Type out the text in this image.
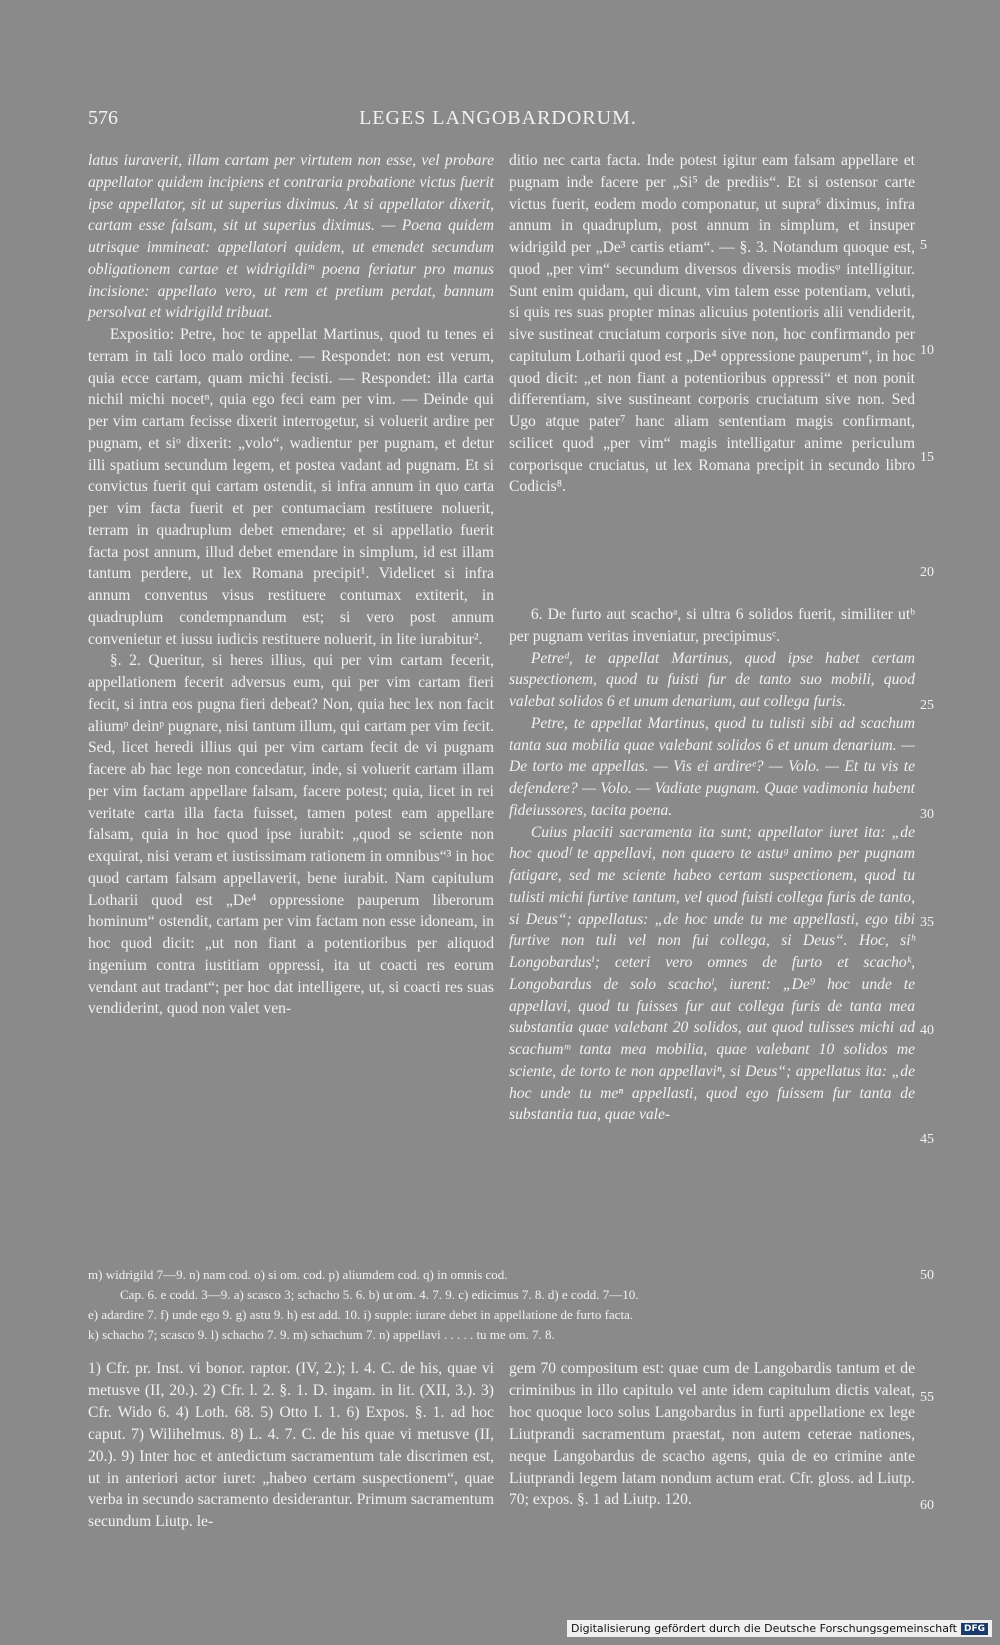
576	LEGES LANGOBARDORUM.

latus iuraverit, illam cartam per virtutem non esse, vel probare appellator quidem incipiens et contraria probatione victus fuerit ipse appellator, sit ut superius diximus. At si appellator dixerit, cartam esse falsam, sit ut superius diximus. — Poena quidem utrisque immineat: appellatori quidem, ut emendet secundum obligationem cartae et widrigildiᵐ poena feriatur pro manus incisione: appellato vero, ut rem et pretium perdat, bannum persolvat et widrigild tribuat.

Expositio: Petre, hoc te appellat Martinus, quod tu tenes ei terram in tali loco malo ordine. — Respondet: non est verum, quia ecce cartam, quam michi fecisti. — Respondet: illa carta nichil michi nocetⁿ, quia ego feci eam per vim. — Deinde qui per vim cartam fecisse dixerit interrogetur, si voluerit ardire per pugnam, et siᵒ dixerit: „volo“, wadientur per pugnam, et detur illi spatium secundum legem, et postea vadant ad pugnam. Et si convictus fuerit qui cartam ostendit, si infra annum in quo carta per vim facta fuerit et per contumaciam restituere noluerit, terram in quadruplum debet emendare; et si appellatio fuerit facta post annum, illud debet emendare in simplum, id est illam tantum perdere, ut lex Romana precipit¹. Videlicet si infra annum conventus visus restituere contumax extiterit, in quadruplum condempnandum est; si vero post annum convenietur et iussu iudicis restituere noluerit, in lite iurabitur².

§. 2. Queritur, si heres illius, qui per vim cartam fecerit, appellationem fecerit adversus eum, qui per vim cartam fieri fecit, si intra eos pugna fieri debeat? Non, quia hec lex non facit aliumᵖ deinᵖ pugnare, nisi tantum illum, qui cartam per vim fecit. Sed, licet heredi illius qui per vim cartam fecit de vi pugnam facere ab hac lege non concedatur, inde, si voluerit cartam illam per vim factam appellare falsam, facere potest; quia, licet in rei veritate carta illa facta fuisset, tamen potest eam appellare falsam, quia in hoc quod ipse iurabit: „quod se sciente non exquirat, nisi veram et iustissimam rationem in omnibus“³ in hoc quod cartam falsam appellaverit, bene iurabit. Nam capitulum Lotharii quod est „De⁴ oppressione pauperum liberorum hominum“ ostendit, cartam per vim factam non esse idoneam, in hoc quod dicit: „ut non fiant a potentioribus per aliquod ingenium contra iustitiam oppressi, ita ut coacti res eorum vendant aut tradant“; per hoc dat intelligere, ut, si coacti res suas vendiderint, quod non valet ven-

ditio nec carta facta. Inde potest igitur eam falsam appellare et pugnam inde facere per „Si⁵ de prediis“. Et si ostensor carte victus fuerit, eodem modo componatur, ut supra⁶ diximus, infra annum in quadruplum, post annum in simplum, et insuper widrigild per „De³ cartis etiam“. — §. 3. Notandum quoque est, quod „per vim“ secundum diversos diversis modisᵠ intelligitur. Sunt enim quidam, qui dicunt, vim talem esse potentiam, veluti, si quis res suas propter minas alicuius potentioris alii vendiderit, sive sustineat cruciatum corporis sive non, hoc confirmando per capitulum Lotharii quod est „De⁴ oppressione pauperum“, in hoc quod dicit: „et non fiant a potentioribus oppressi“ et non ponit differentiam, sive sustineant corporis cruciatum sive non. Sed Ugo atque pater⁷ hanc aliam sententiam magis confirmant, scilicet quod „per vim“ magis intelligatur anime periculum corporisque cruciatus, ut lex Romana precipit in secundo libro Codicis⁸.

6. De furto aut scachoᵃ, si ultra 6 solidos fuerit, similiter utᵇ per pugnam veritas inveniatur, precipimusᶜ.

Petreᵈ, te appellat Martinus, quod ipse habet certam suspectionem, quod tu fuisti fur de tanto suo mobili, quod valebat solidos 6 et unum denarium, aut collega furis.

Petre, te appellat Martinus, quod tu tulisti sibi ad scachum tanta sua mobilia quae valebant solidos 6 et unum denarium. — De torto me appellas. — Vis ei ardireᵉ? — Volo. — Et tu vis te defendere? — Volo. — Vadiate pugnam. Quae vadimonia habent fideiussores, tacita poena.

Cuius placiti sacramenta ita sunt; appellator iuret ita: „de hoc quodᶠ te appellavi, non quaero te astuᵍ animo per pugnam fatigare, sed me sciente habeo certam suspectionem, quod tu tulisti michi furtive tantum, vel quod fuisti collega furis de tanto, si Deus“; appellatus: „de hoc unde tu me appellasti, ego tibi furtive non tuli vel non fui collega, si Deus“. Hoc, siʰ Longobardusⁱ; ceteri vero omnes de furto et scachoᵏ, Longobardus de solo scachoˡ, iurent: „De⁹ hoc unde te appellavi, quod tu fuisses fur aut collega furis de tanta mea substantia quae valebant 20 solidos, aut quod tulisses michi ad scachumᵐ tanta mea mobilia, quae valebant 10 solidos me sciente, de torto te non appellaviⁿ, si Deus“; appellatus ita: „de hoc unde tu meⁿ appellasti, quod ego fuissem fur tanta de substantia tua, quae vale-

5
10
15
20
25
30
35
40
45
50
m) widrigild 7—9. n) nam cod. o) si om. cod. p) aliumdem cod. q) in omnis cod.
Cap. 6. e codd. 3—9. a) scasco 3; schacho 5. 6. b) ut om. 4. 7. 9. c) edicimus 7. 8. d) e codd. 7—10.
e) adardire 7. f) unde ego 9. g) astu 9. h) est add. 10. i) supple: iurare debet in appellatione de furto facta.
k) schacho 7; scasco 9. l) schacho 7. 9. m) schachum 7. n) appellavi . . . . . tu me om. 7. 8.
1) Cfr. pr. Inst. vi bonor. raptor. (IV, 2.); l. 4. C. de his, quae vi metusve (II, 20.). 2) Cfr. l. 2. §. 1. D. ingam. in lit. (XII, 3.). 3) Cfr. Wido 6. 4) Loth. 68. 5) Otto I. 1. 6) Expos. §. 1. ad hoc caput. 7) Wilihelmus. 8) L. 4. 7. C. de his quae vi metusve (II, 20.). 9) Inter hoc et antedictum sacramentum tale discrimen est, ut in anteriori actor iuret: „habeo certam suspectionem“, quae verba in secundo sacramento desiderantur. Primum sacramentum secundum Liutp. le-
gem 70 compositum est: quae cum de Langobardis tantum et de criminibus in illo capitulo vel ante idem capitulum dictis valeat, hoc quoque loco solus Langobardus in furti appellatione ex lege Liutprandi sacramentum praestat, non autem ceterae nationes, neque Langobardus de scacho agens, quia de eo crimine ante Liutprandi legem latam nondum actum erat. Cfr. gloss. ad Liutp. 70; expos. §. 1 ad Liutp. 120.
55
60
Digitalisierung gefördert durch die Deutsche Forschungsgemeinschaft DFG
